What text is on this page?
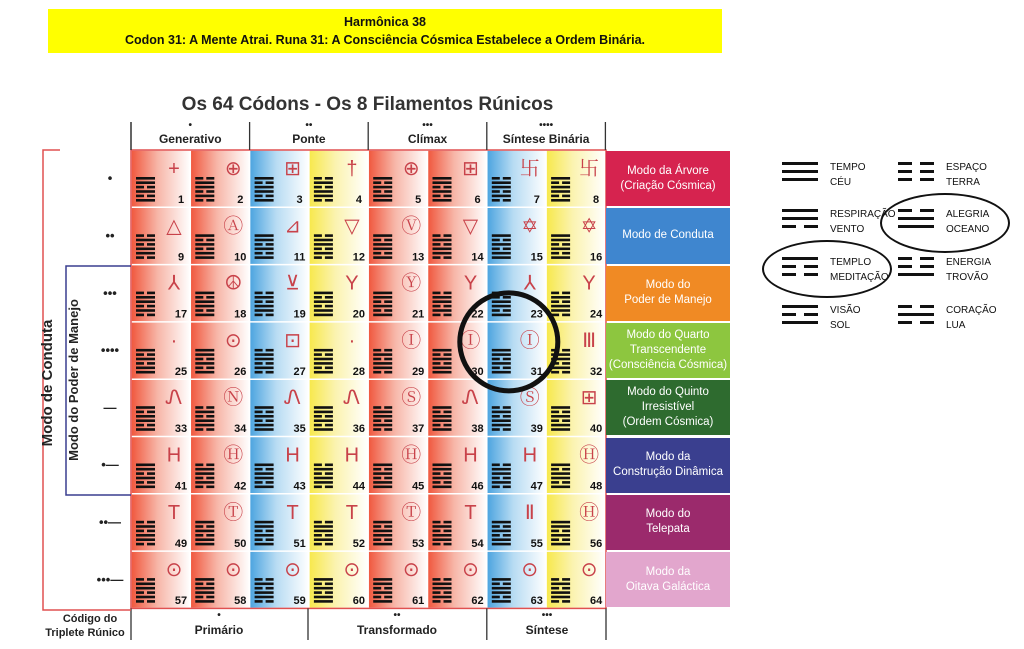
Harmônica 38
Codon 31: A Mente Atrai. Runa 31: A Consciência Cósmica Estabelece a Ordem Binária.
Os 64 Códons - Os 8 Filamentos Rúnicos
+
1
⊕
2
⊞
3
†
4
⊕
5
⊞
6
卐
7
卐
8
△
9
Ⓐ
10
⊿
11
▽
12
Ⓥ
13
▽
14
✡
15
✡
16
⅄
17
☮
18
⊻
19
Y
20
Ⓨ
21
Y
22
⅄
23
Y
24
·
25
⊙
26
⊡
27
·
28
Ⓘ
29
Ⓘ
30
Ⓘ
31
Ⅲ
32
Ꮑ
33
Ⓝ
34
Ꮑ
35
Ꮑ
36
Ⓢ
37
Ꮑ
38
Ⓢ
39
⊞
40
H
41
Ⓗ
42
H
43
H
44
Ⓗ
45
H
46
H
47
Ⓗ
48
T
49
Ⓣ
50
T
51
T
52
Ⓣ
53
T
54
Ⅱ
55
Ⓗ
56
⊙
57
⊙
58
⊙
59
⊙
60
⊙
61
⊙
62
⊙
63
⊙
64
•
Generativo
••
Ponte
•••
Clímax
••••
Síntese Binária
•
Primário
••
Transformado
•••
Síntese
Código do
Triplete Rúnico
Modo de Conduta Modo do Poder de Manejo
•
••
•••
••••
—
•—
••—
•••—
Modo da Árvore
(Criação Cósmica)
Modo de Conduta
Modo do
Poder de Manejo
Modo do Quarto
Transcendente
(Consciência Cósmica)
Modo do Quinto
Irresistível
(Ordem Cósmica)
Modo da
Construção Dinâmica
Modo do
Telepata
Modo da
Oitava Galáctica
TEMPO
CÉU
ESPAÇO
TERRA
RESPIRAÇÃO
VENTO
ALEGRIA
OCEANO
TEMPLO
MEDITAÇÃO
ENERGIA
TROVÃO
VISÃO
SOL
CORAÇÃO
LUA
